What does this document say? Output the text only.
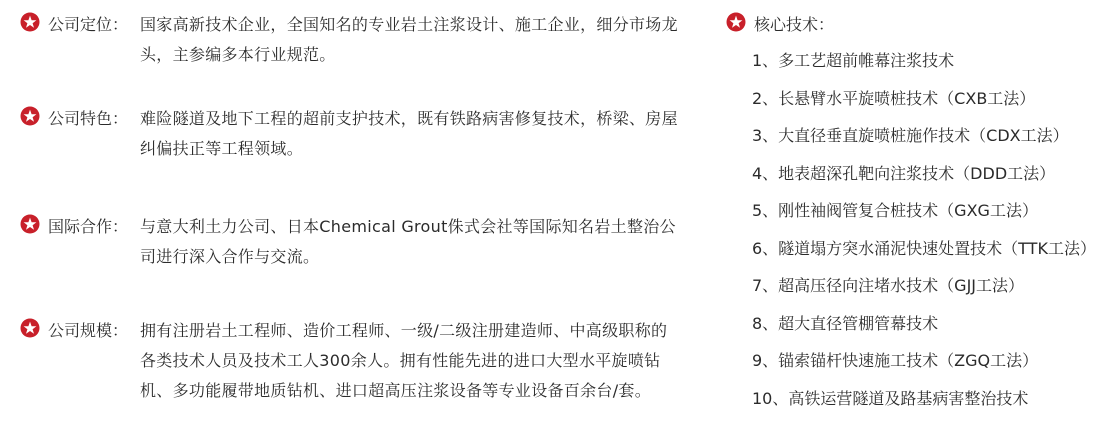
公司定位： 国家高新技术企业，全国知名的专业岩土注浆设计、施工企业，细分市场龙头，主参编多本行业规范。
公司特色： 难险隧道及地下工程的超前支护技术，既有铁路病害修复技术，桥梁、房屋纠偏扶正等工程领域。
国际合作： 与意大利土力公司、日本Chemical Grout侏式会社等国际知名岩土整治公司进行深入合作与交流。
公司规模： 拥有注册岩土工程师、造价工程师、一级/二级注册建造师、中高级职称的各类技术人员及技术工人300余人。拥有性能先进的进口大型水平旋喷钻机、多功能履带地质钻机、进口超高压注浆设备等专业设备百余台/套。
核心技术：
1、多工艺超前帷幕注浆技术
2、长悬臂水平旋喷桩技术（CXB工法）
3、大直径垂直旋喷桩施作技术（CDX工法）
4、地表超深孔靶向注浆技术（DDD工法）
5、刚性袖阀管复合桩技术（GXG工法）
6、隧道塌方突水涌泥快速处置技术（TTK工法）
7、超高压径向注堵水技术（GJJ工法）
8、超大直径管棚管幕技术
9、锚索锚杆快速施工技术（ZGQ工法）
10、高铁运营隧道及路基病害整治技术
